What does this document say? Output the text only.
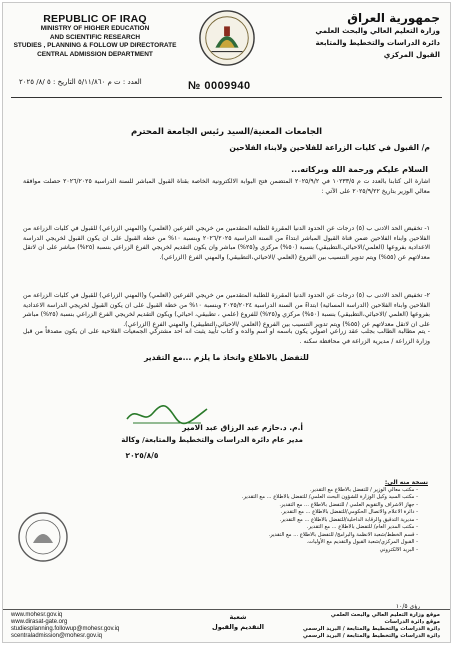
REPUBLIC OF IRAQ
MINISTRY OF HIGHER EDUCATION
AND SCIENTIFIC RESEARCH
STUDIES , PLANNING & FOLLOW UP DIRECTORATE
CENTRAL ADMISSION DEPARTMENT
جمهورية العراق
وزارة التعليم العالي والبحث العلمي
دائرة الدراسات والتخطيط والمتابعة
القبول المركزي
العدد : ت م ٥/١١/٨٦٠ التاريخ : ٥ /٨/ ٢٠٢٥	№ 0009940
الجامعات المعنية/السيد رئيس الجامعة المحترم
م/ القبول في كليات الزراعة للفلاحين ولابناء الفلاحين
السلام عليكم ورحمة الله وبركاته...
اشارة الى كتابنا بالعدد ت م ١٠٢٣٣/٥ في ٢٠٢٥/٩/٢ المتضمن فتح البوابة الالكترونية الخاصة بقناة القبول المباشر للسنة الدراسية ٢٠٢٦/٢٠٢٥ حصلت موافقة معالي الوزير بتاريخ ٢٠٢٥/٩/٢٢ على الآتي :
١- تخفيض الحد الادنى ب (٥) درجات عن الحدود الدنيا المقررة للطلبة المتقدمين من خريجي الفرعين (العلمي) و(المهني الزراعي) للقبول في كليات الزراعة من الفلاحين وابناء الفلاحين ضمن قناة القبول المباشر ابتداءً من السنة الدراسية ٢٠٢٦/٢٠٢٥ وبنسبة ١٠% من خطة القبول على ان يكون القبول لخريجي الدراسة الاعدادية بفروعها (العلمي/الاحيائي،التطبيقي) بنسبة (٥٠%) مركزي و(٢٥%) مباشر وان يكون التقديم لخريجي الفرع الزراعي بنسبة (٢٥%) مباشر على ان لاتقل معدلاتهم عن (٥٥%) ويتم تدوير التنسيب بين الفروع (العلمي /الاحيائي،التطبيقي) والمهني الفرع (الزراعي).
٢- تخفيض الحد الادنى ب (٥) درجات عن الحدود الدنيا المقررة للطلبة المتقدمين من خريجي الفرعين (العلمي) و(المهني الزراعي) للقبول في كليات الزراعة من الفلاحين وابناء الفلاحين (الدراسة المسائية) ابتداءً من السنة الدراسية ٢٠٢٥/٢٠٢٤ وبنسبة ١٠% من خطة القبول على ان يكون القبول لخريجي الدراسة الاعدادية بفروعها (العلمي /الاحيائي،التطبيقي) بنسبة (٥٠%) مركزي و(٢٥%) للفروع (علمي ، تطبيقي، احيائي) ويكون التقديم لخريجي الفرع الزراعي بنسبة (٢٥%) مباشر على ان لاتقل معدلاتهم عن (٥٥%) ويتم تدوير التنسيب بين الفروع (العلمي /الاحيائي،التطبيقي) والمهني الفرع (الزراعي).
- يتم مطالبة الطالب بجلب عقد زراعي اصولي يكون باسمه او اسم والده و كتاب تأييد يثبت انه احد مشتركي الجمعيات الفلاحية على ان يكون مصدقاً من قبل وزارة الزراعة / مديرية الزراعة في محافظة سكنه .
للتفضل بالاطلاع واتخاذ ما يلزم ...مع التقدير
أ.م. د.حازم عبد الرزاق عبد الامير
مدير عام دائرة الدراسات والتخطيط والمتابعة/ وكالة
٢٠٢٥/٨/٥
نسخة منه الى:
- مكتب معالي الوزير / للتفضل بالاطلاع مع التقدير.
- مكتب السيد وكيل الوزارة للشؤون البحث العلمي/ للتفضل بالاطلاع ... مع التقدير.
- جهاز الاشراف والتقويم العلمي / للتفضل بالاطلاع ... مع التقدير.
- دائرة الاعلام والاتصال الحكومي/للتفضل بالاطلاع ... مع التقدير.
- مديرية التدقيق والرقابة الداخلية/للتفضل بالاطلاع ... مع التقدير.
- مكتب المدير العام/ للتفضل بالاطلاع ... مع التقدير.
- قسم الخطط/شعبة الانظمة والبرامج/ للتفضل بالاطلاع ... مع التقدير.
- القبول المركزي/شعبة القبول والتقديم مع الأوليات.
- البريد الالكتروني
رؤى ١٠/٥
www.mohesr.gov.iq
www.dirasat-gate.org
studiesplanning.followup@mohesr.gov.iq
scentraladmission@mohesr.gov.iq
شعبة
التقديم والقبول
موقع وزارة التعليم العالي والبحث العلمي
موقع دائرة الدراسات
دائرة الدراسات والتخطيط والمتابعة / البريد الرسمي
دائرة الدراسات والتخطيط والمتابعة / البريد الرسمي
